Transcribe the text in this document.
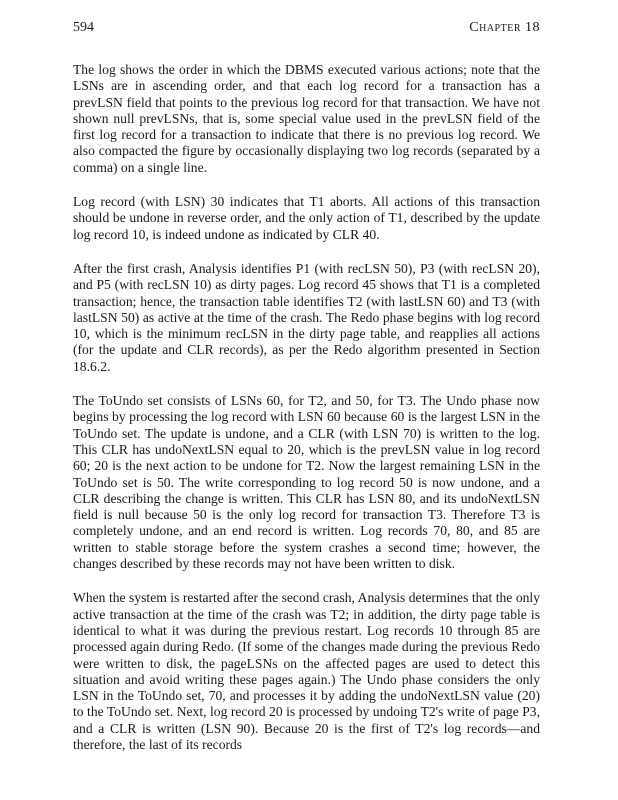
594	Chapter 18

The log shows the order in which the DBMS executed various actions; note that the LSNs are in ascending order, and that each log record for a transaction has a prevLSN field that points to the previous log record for that transaction. We have not shown null prevLSNs, that is, some special value used in the prevLSN field of the first log record for a transaction to indicate that there is no previous log record. We also compacted the figure by occasionally displaying two log records (separated by a comma) on a single line.

Log record (with LSN) 30 indicates that T1 aborts. All actions of this transaction should be undone in reverse order, and the only action of T1, described by the update log record 10, is indeed undone as indicated by CLR 40.

After the first crash, Analysis identifies P1 (with recLSN 50), P3 (with recLSN 20), and P5 (with recLSN 10) as dirty pages. Log record 45 shows that T1 is a completed transaction; hence, the transaction table identifies T2 (with lastLSN 60) and T3 (with lastLSN 50) as active at the time of the crash. The Redo phase begins with log record 10, which is the minimum recLSN in the dirty page table, and reapplies all actions (for the update and CLR records), as per the Redo algorithm presented in Section 18.6.2.

The ToUndo set consists of LSNs 60, for T2, and 50, for T3. The Undo phase now begins by processing the log record with LSN 60 because 60 is the largest LSN in the ToUndo set. The update is undone, and a CLR (with LSN 70) is written to the log. This CLR has undoNextLSN equal to 20, which is the prevLSN value in log record 60; 20 is the next action to be undone for T2. Now the largest remaining LSN in the ToUndo set is 50. The write corresponding to log record 50 is now undone, and a CLR describing the change is written. This CLR has LSN 80, and its undoNextLSN field is null because 50 is the only log record for transaction T3. Therefore T3 is completely undone, and an end record is written. Log records 70, 80, and 85 are written to stable storage before the system crashes a second time; however, the changes described by these records may not have been written to disk.

When the system is restarted after the second crash, Analysis determines that the only active transaction at the time of the crash was T2; in addition, the dirty page table is identical to what it was during the previous restart. Log records 10 through 85 are processed again during Redo. (If some of the changes made during the previous Redo were written to disk, the pageLSNs on the affected pages are used to detect this situation and avoid writing these pages again.) The Undo phase considers the only LSN in the ToUndo set, 70, and processes it by adding the undoNextLSN value (20) to the ToUndo set. Next, log record 20 is processed by undoing T2's write of page P3, and a CLR is written (LSN 90). Because 20 is the first of T2's log records—and therefore, the last of its records
